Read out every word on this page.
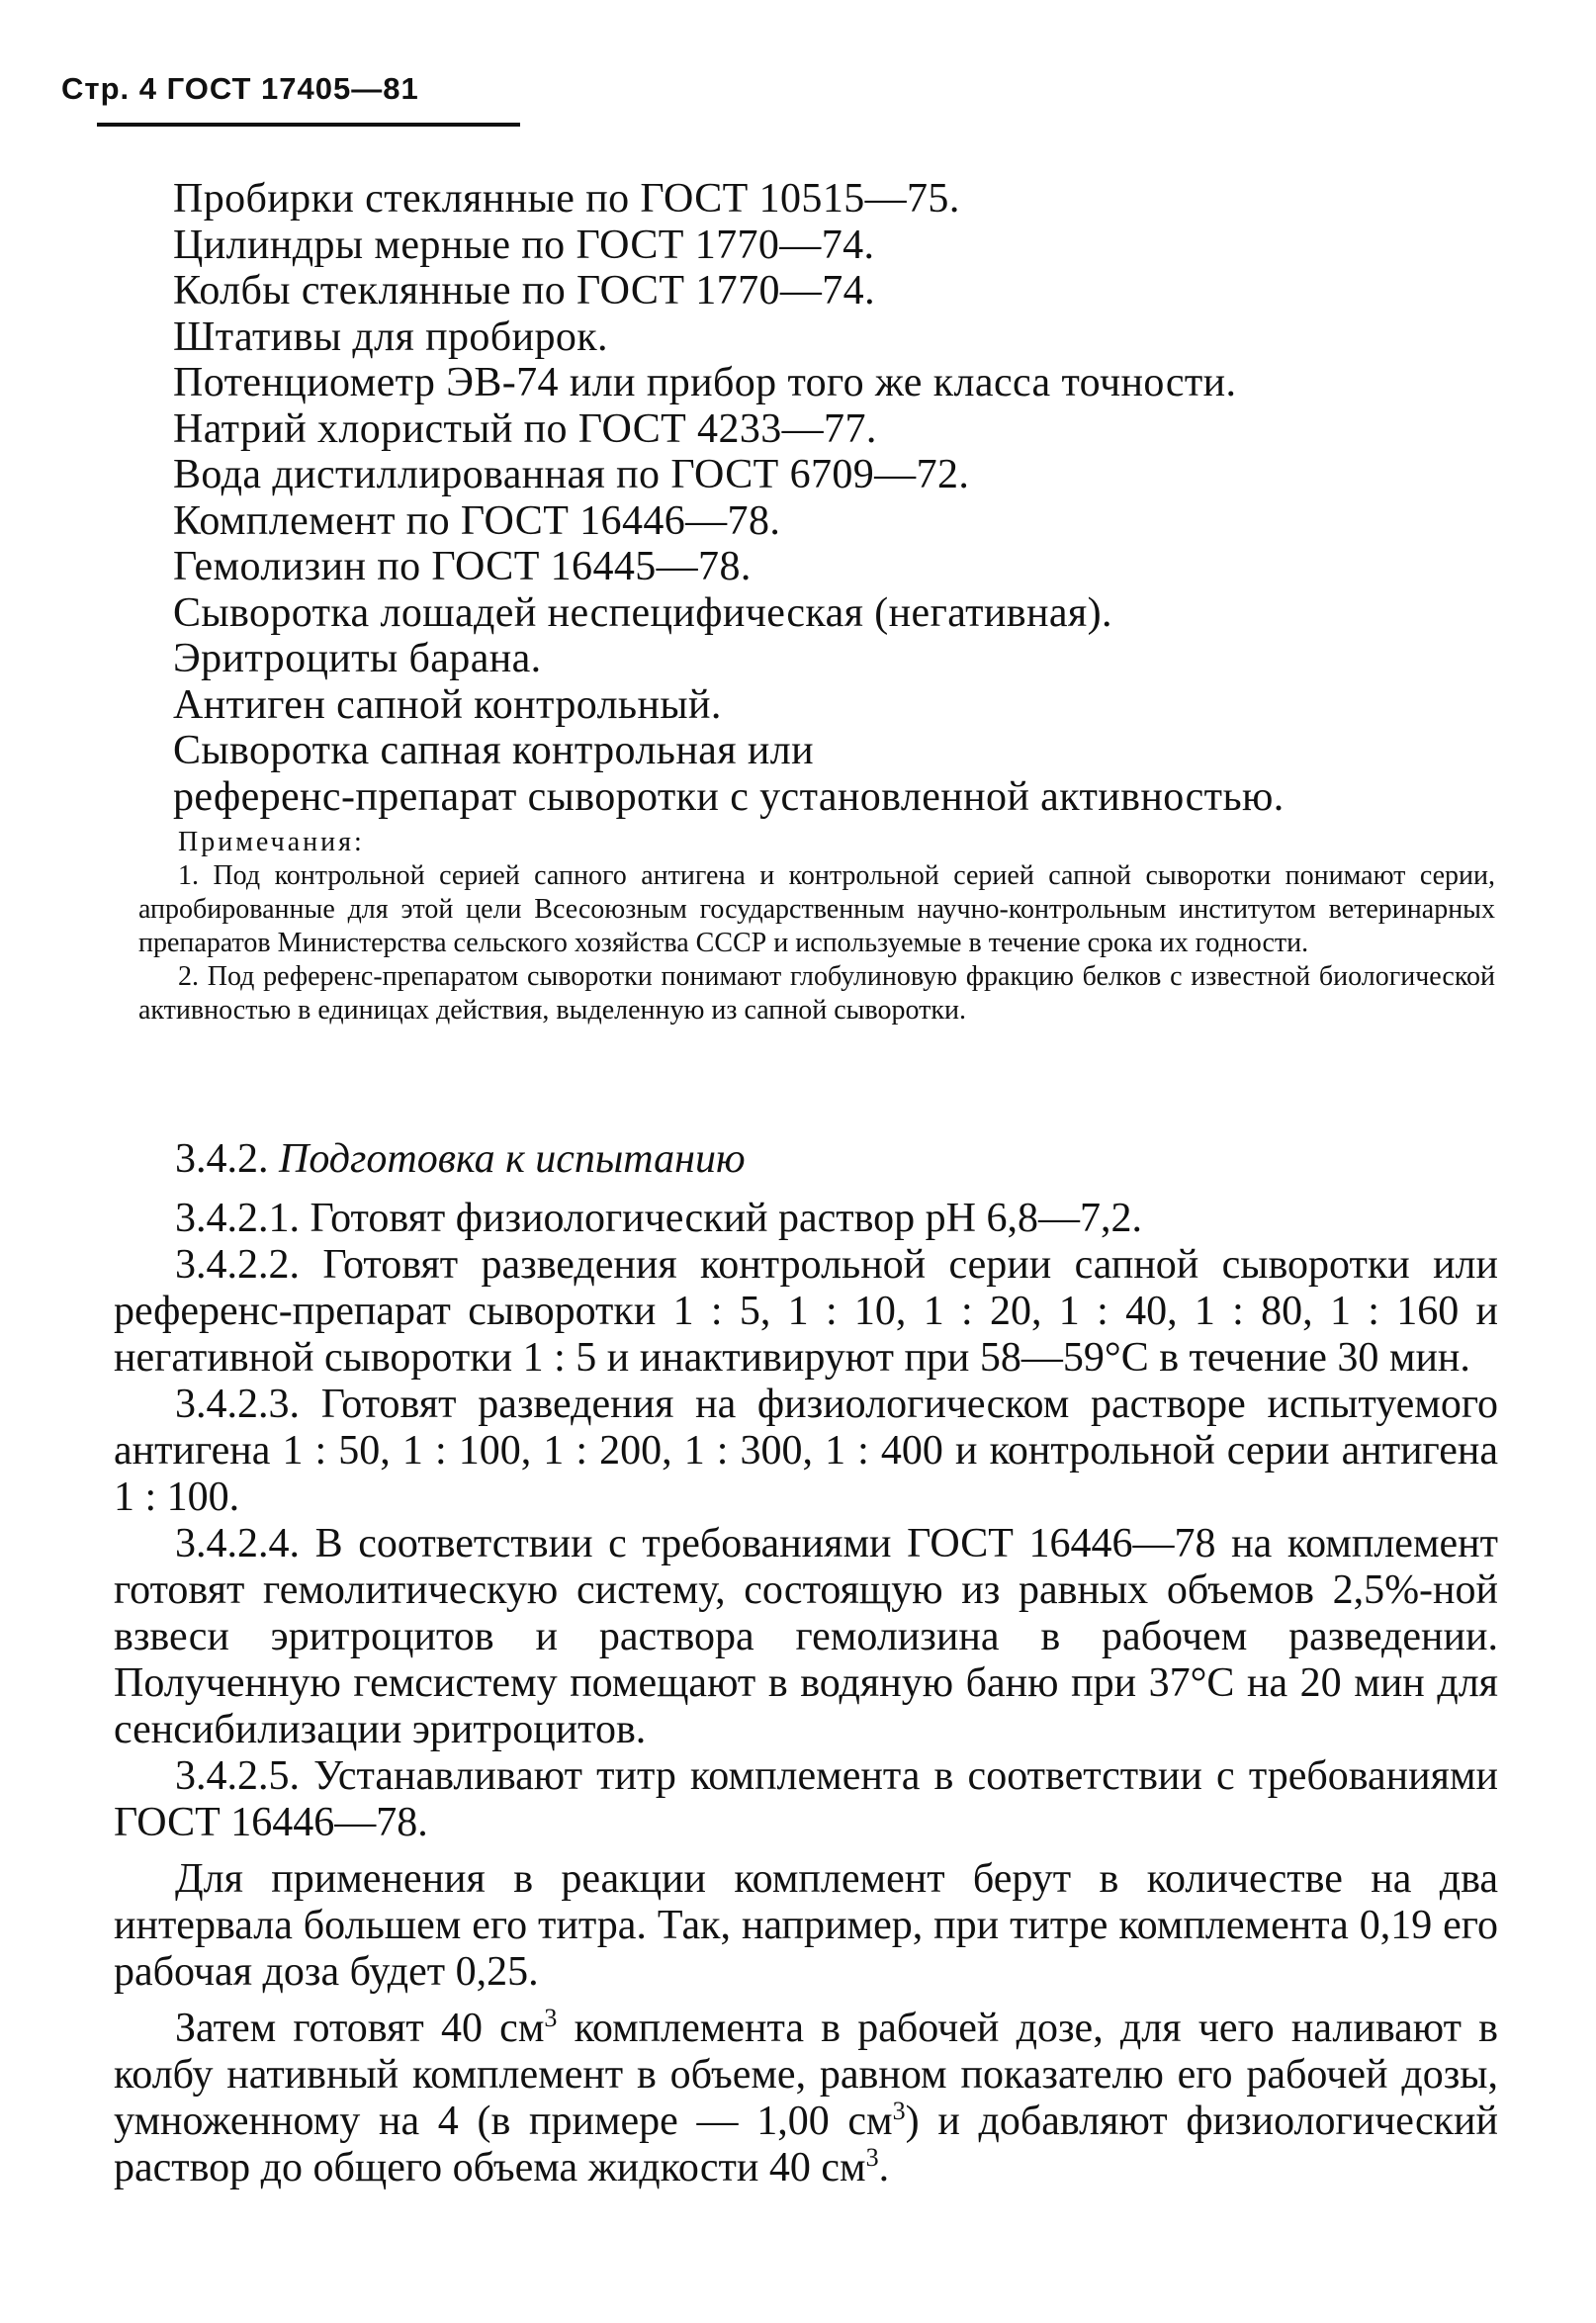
Стр. 4 ГОСТ 17405—81
Пробирки стеклянные по ГОСТ 10515—75.
Цилиндры мерные по ГОСТ 1770—74.
Колбы стеклянные по ГОСТ 1770—74.
Штативы для пробирок.
Потенциометр ЭВ-74 или прибор того же класса точности.
Натрий хлористый по ГОСТ 4233—77.
Вода дистиллированная по ГОСТ 6709—72.
Комплемент по ГОСТ 16446—78.
Гемолизин по ГОСТ 16445—78.
Сыворотка лошадей неспецифическая (негативная).
Эритроциты барана.
Антиген сапной контрольный.
Сыворотка сапная контрольная или
референс-препарат сыворотки с установленной активностью.
Примечания:

1. Под контрольной серией сапного антигена и контрольной серией сапной сыворотки понимают серии, апробированные для этой цели Всесоюзным государственным научно-контрольным институтом ветеринарных препаратов Министерства сельского хозяйства СССР и используемые в течение срока их годности.

2. Под референс-препаратом сыворотки понимают глобулиновую фракцию белков с известной биологической активностью в единицах действия, выделенную из сапной сыворотки.

3.4.2. Подготовка к испытанию

3.4.2.1. Готовят физиологический раствор pH 6,8—7,2.

3.4.2.2. Готовят разведения контрольной серии сапной сыворотки или референс-препарат сыворотки 1 : 5, 1 : 10, 1 : 20, 1 : 40, 1 : 80, 1 : 160 и негативной сыворотки 1 : 5 и инактивируют при 58—59°С в течение 30 мин.

3.4.2.3. Готовят разведения на физиологическом растворе испытуемого антигена 1 : 50, 1 : 100, 1 : 200, 1 : 300, 1 : 400 и контрольной серии антигена 1 : 100.

3.4.2.4. В соответствии с требованиями ГОСТ 16446—78 на комплемент готовят гемолитическую систему, состоящую из равных объемов 2,5%-ной взвеси эритроцитов и раствора гемолизина в рабочем разведении. Полученную гемсистему помещают в водяную баню при 37°С на 20 мин для сенсибилизации эритроцитов.

3.4.2.5. Устанавливают титр комплемента в соответствии с требованиями ГОСТ 16446—78.

Для применения в реакции комплемент берут в количестве на два интервала большем его титра. Так, например, при титре комплемента 0,19 его рабочая доза будет 0,25.

Затем готовят 40 $см^3$ комплемента в рабочей дозе, для чего наливают в колбу нативный комплемент в объеме, равном показателю его рабочей дозы, умноженному на 4 (в примере — 1,00 $см^3$) и добавляют физиологический раствор до общего объема жидкости 40 $см^3$.
